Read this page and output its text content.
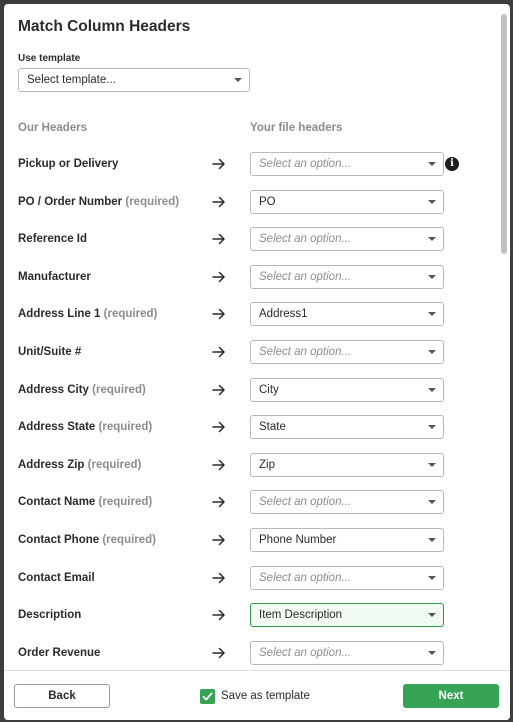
Match Column Headers
Use template
Select template...
Our Headers	Your file headers
Pickup or Delivery	Select an option...
PO / Order Number (required)	PO
Reference Id	Select an option...
Manufacturer	Select an option...
Address Line 1 (required)	Address1
Unit/Suite #	Select an option...
Address City (required)	City
Address State (required)	State
Address Zip (required)	Zip
Contact Name (required)	Select an option...
Contact Phone (required)	Phone Number
Contact Email	Select an option...
Description	Item Description
Order Revenue	Select an option...
i
Back	Save as template	Next
